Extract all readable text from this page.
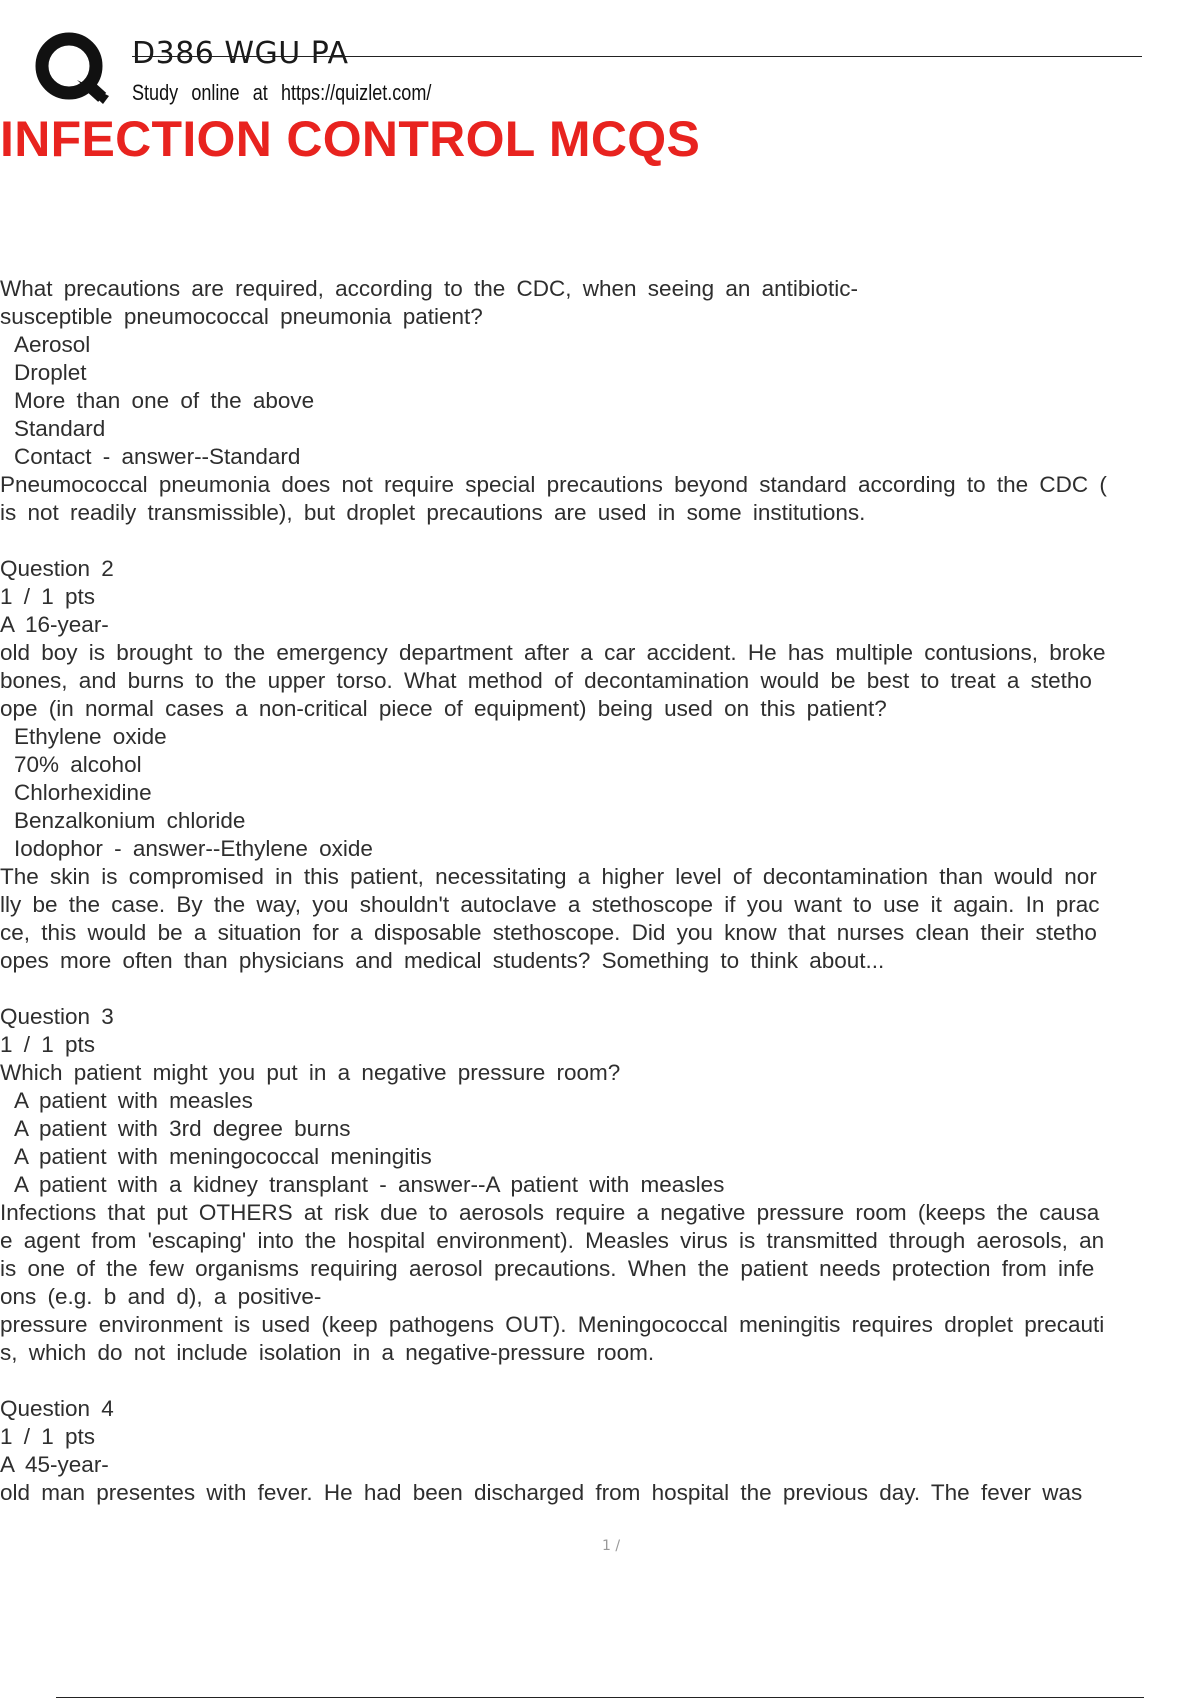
D386 WGU PA
Study online at https://quizlet.com/
INFECTION CONTROL MCQS
What precautions are required, according to the CDC, when seeing an antibiotic-
susceptible pneumococcal pneumonia patient?
Aerosol
Droplet
More than one of the above
Standard
Contact - answer--Standard
Pneumococcal pneumonia does not require special precautions beyond standard according to the CDC (
is not readily transmissible), but droplet precautions are used in some institutions.
Question 2
1 / 1 pts
A 16-year-
old boy is brought to the emergency department after a car accident. He has multiple contusions, broke
bones, and burns to the upper torso. What method of decontamination would be best to treat a stetho
ope (in normal cases a non-critical piece of equipment) being used on this patient?
Ethylene oxide
70% alcohol
Chlorhexidine
Benzalkonium chloride
Iodophor - answer--Ethylene oxide
The skin is compromised in this patient, necessitating a higher level of decontamination than would nor
lly be the case. By the way, you shouldn't autoclave a stethoscope if you want to use it again. In prac
ce, this would be a situation for a disposable stethoscope. Did you know that nurses clean their stetho
opes more often than physicians and medical students? Something to think about...
Question 3
1 / 1 pts
Which patient might you put in a negative pressure room?
A patient with measles
A patient with 3rd degree burns
A patient with meningococcal meningitis
A patient with a kidney transplant - answer--A patient with measles
Infections that put OTHERS at risk due to aerosols require a negative pressure room (keeps the causa
e agent from 'escaping' into the hospital environment). Measles virus is transmitted through aerosols, an
is one of the few organisms requiring aerosol precautions. When the patient needs protection from infe
ons (e.g. b and d), a positive-
pressure environment is used (keep pathogens OUT). Meningococcal meningitis requires droplet precauti
s, which do not include isolation in a negative-pressure room.
Question 4
1 / 1 pts
A 45-year-
old man presentes with fever. He had been discharged from hospital the previous day. The fever was
1 /
